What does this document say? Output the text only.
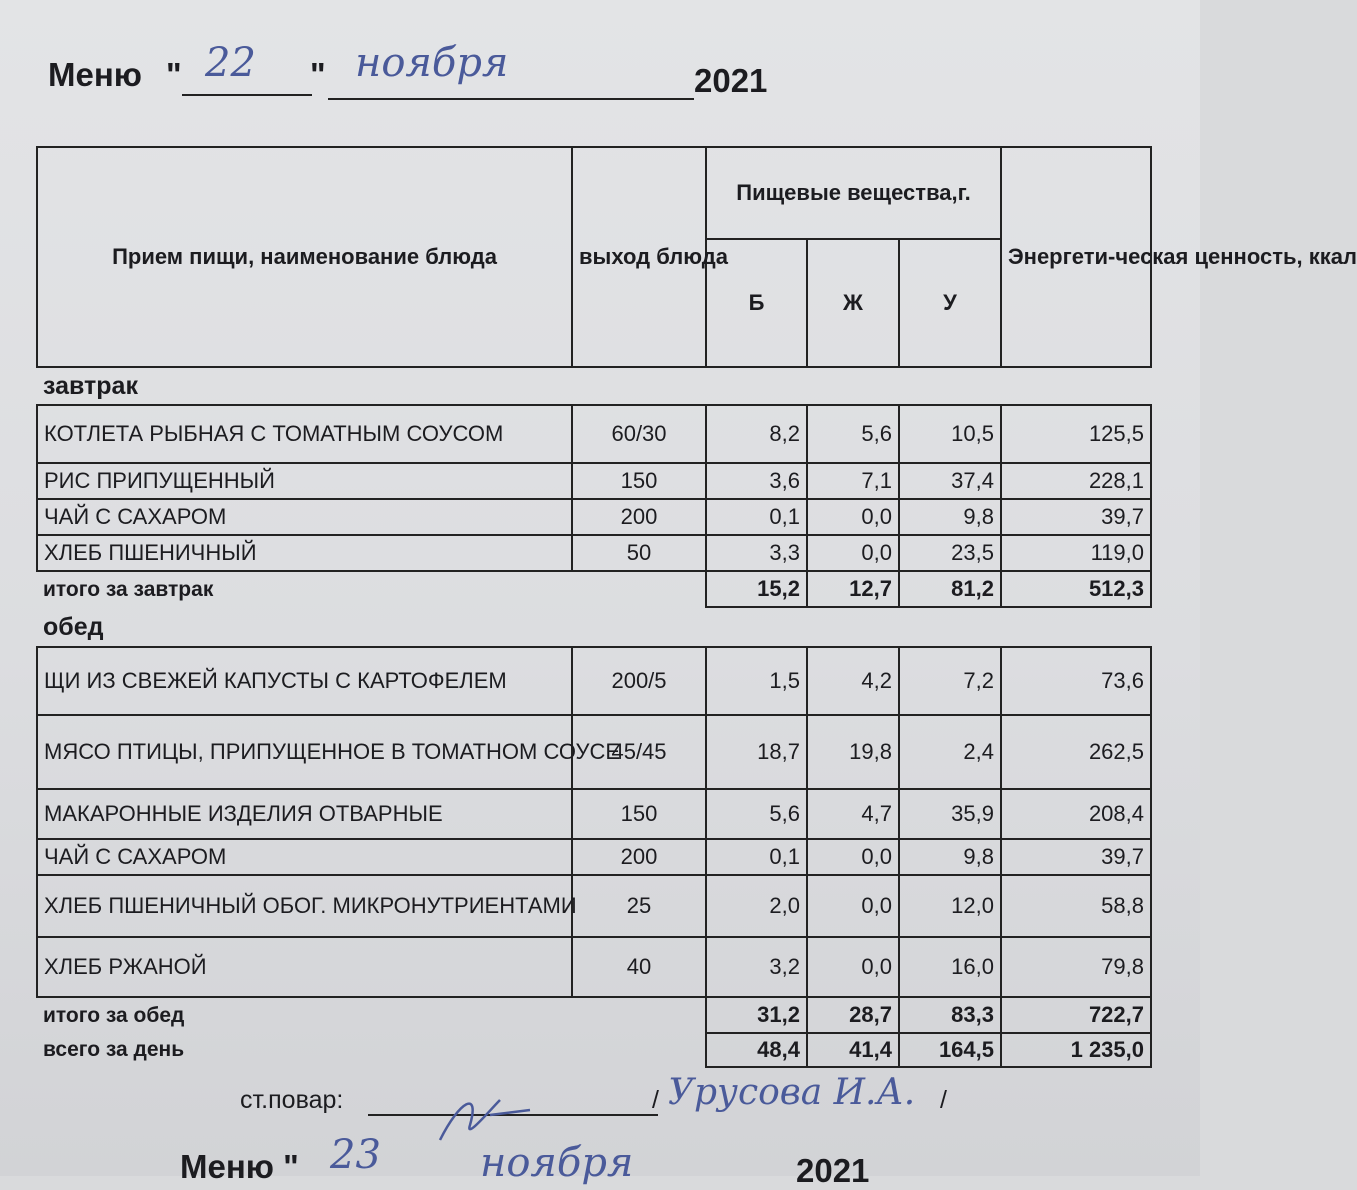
Меню " 22 " ноября	2021
Прием пищи, наименование блюда	выход блюда	Пищевые вещества,г.			Энергети-ческая ценность, ккал
		Б	Ж	У	
завтрак					
КОТЛЕТА РЫБНАЯ С ТОМАТНЫМ СОУСОМ	60/30	8,2	5,6	10,5	125,5
РИС ПРИПУЩЕННЫЙ	150	3,6	7,1	37,4	228,1
ЧАЙ С САХАРОМ	200	0,1	0,0	9,8	39,7
ХЛЕБ ПШЕНИЧНЫЙ	50	3,3	0,0	23,5	119,0
итого за завтрак		15,2	12,7	81,2	512,3
обед					
ЩИ ИЗ СВЕЖЕЙ КАПУСТЫ С КАРТОФЕЛЕМ	200/5	1,5	4,2	7,2	73,6
МЯСО ПТИЦЫ, ПРИПУЩЕННОЕ В ТОМАТНОМ СОУСЕ	45/45	18,7	19,8	2,4	262,5
МАКАРОННЫЕ ИЗДЕЛИЯ ОТВАРНЫЕ	150	5,6	4,7	35,9	208,4
ЧАЙ С САХАРОМ	200	0,1	0,0	9,8	39,7
ХЛЕБ ПШЕНИЧНЫЙ ОБОГ. МИКРОНУТРИЕНТАМИ	25	2,0	0,0	12,0	58,8
ХЛЕБ РЖАНОЙ	40	3,2	0,0	16,0	79,8
итого за обед		31,2	28,7	83,3	722,7
всего за день		48,4	41,4	164,5	1 235,0
ст.повар:	/ Урусова И.А. /
Меню " 23 ноября	2021
